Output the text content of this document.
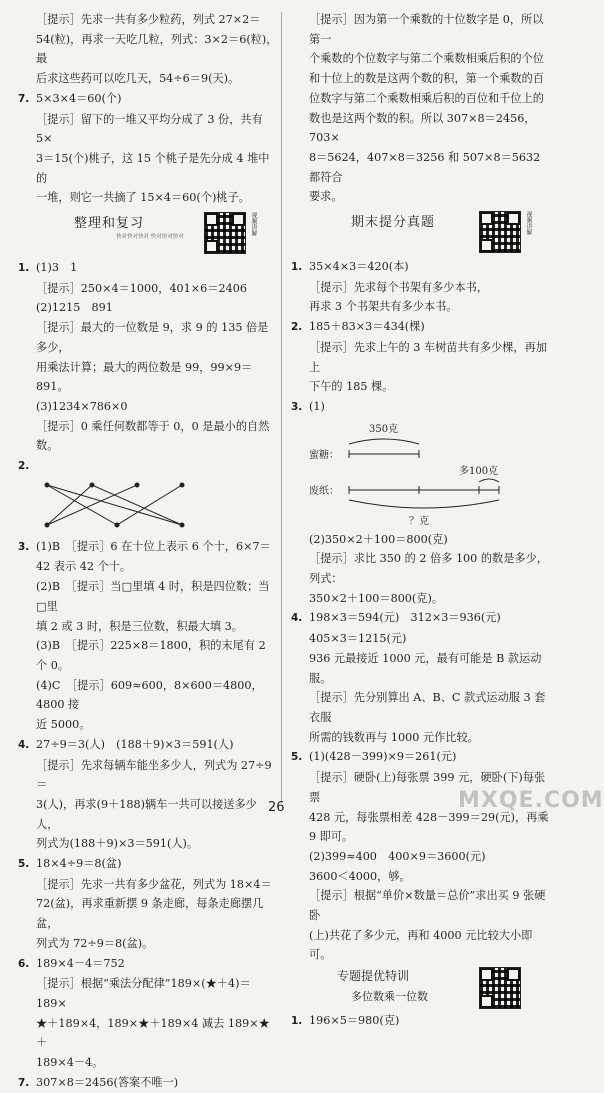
［提示］先求一共有多少粒药，列式 27×2＝

54(粒)，再求一天吃几粒，列式：3×2＝6(粒)，最

后求这些药可以吃几天，54÷6＝9(天)。

7. 5×3×4＝60(个)

［提示］留下的一堆又平均分成了 3 份，共有 5×

3＝15(个)桃子，这 15 个桃子是先分成 4 堆中的

一堆，则它一共摘了 15×4＝60(个)桃子。

整理和复习
快对快对快对 快对快对快对
视频讲解

1. (1)3　1

［提示］250×4＝1000，401×6＝2406

(2)1215　891

［提示］最大的一位数是 9，求 9 的 135 倍是多少，

用乘法计算；最大的两位数是 99，99×9＝891。

(3)1234×786×0

［提示］0 乘任何数都等于 0，0 是最小的自然数。

2.

3. (1)B　［提示］6 在十位上表示 6 个十，6×7＝

42 表示 42 个十。

(2)B　［提示］当□里填 4 时，积是四位数；当□里

填 2 或 3 时，积是三位数，积最大填 3。

(3)B　［提示］225×8＝1800，积的末尾有 2 个 0。

(4)C　［提示］609≈600，8×600＝4800，4800 接

近 5000。

4. 27÷9＝3(人)　(188＋9)×3＝591(人)

［提示］先求每辆车能坐多少人，列式为 27÷9＝

3(人)，再求(9＋188)辆车一共可以接送多少人，

列式为(188＋9)×3＝591(人)。

5. 18×4÷9＝8(盆)

［提示］先求一共有多少盆花，列式为 18×4＝

72(盆)，再求重新摆 9 条走廊，每条走廊摆几盆，

列式为 72÷9＝8(盆)。

6. 189×4－4＝752

［提示］根据“乘法分配律”189×(★＋4)＝189×

★＋189×4，189×★＋189×4 减去 189×★＋

189×4－4。

7. 307×8＝2456(答案不唯一)

［提示］因为第一个乘数的十位数字是 0，所以第一

个乘数的个位数字与第二个乘数相乘后积的个位

和十位上的数是这两个数的积，第一个乘数的百

位数字与第二个乘数相乘后积的百位和千位上的

数也是这两个数的积。所以 307×8＝2456，703×

8＝5624，407×8＝3256 和 507×8＝5632 都符合

要求。

期末提分真题	视频讲解

1. 35×4×3＝420(本)

［提示］先求每个书架有多少本书，

再求 3 个书架共有多少本书。

2. 185＋83×3＝434(棵)

［提示］先求上午的 3 车树苗共有多少棵，再加上

下午的 185 棵。

3. (1)

350克
蜜糖：
废纸：
多100克
？克

(2)350×2＋100＝800(克)

［提示］求比 350 的 2 倍多 100 的数是多少，列式：

350×2＋100＝800(克)。

4. 198×3＝594(元)　312×3＝936(元)

405×3＝1215(元)

936 元最接近 1000 元，最有可能是 B 款运动服。

［提示］先分别算出 A、B、C 款式运动服 3 套衣服

所需的钱数再与 1000 元作比较。

5. (1)(428－399)×9＝261(元)

［提示］硬卧(上)每张票 399 元，硬卧(下)每张票

428 元，每张票相差 428－399＝29(元)，再乘 9 即可。

(2)399≈400　400×9＝3600(元)

3600＜4000，够。

［提示］根据“单价×数量＝总价”求出买 9 张硬卧

(上)共花了多少元，再和 4000 元比较大小即可。

专题提优特训
多位数乘一位数

1. 196×5＝980(克)

26	MXQE.COM
